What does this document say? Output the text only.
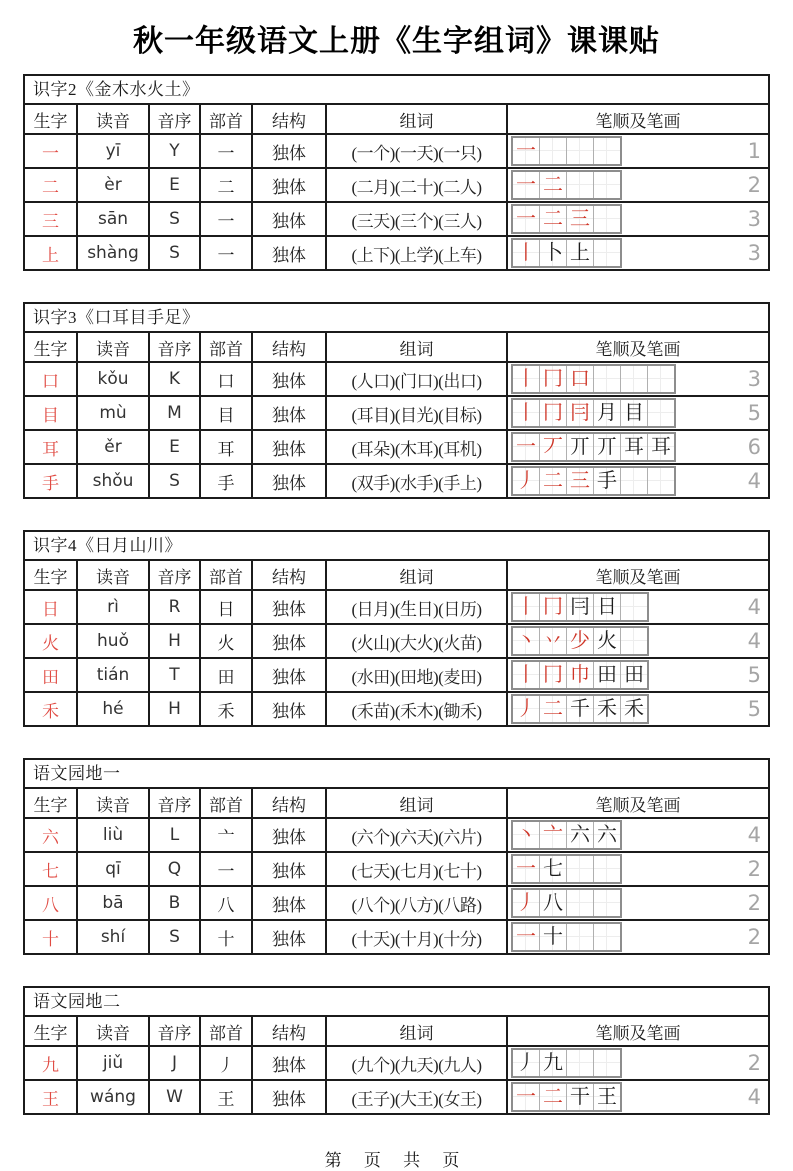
秋一年级语文上册《生字组词》课课贴
识字2《金木水火土》
生字	读音	音序	部首	结构	组词	笔顺及笔画
一	yī	Y	一	独体	(一个)(一天)(一只)	一	1
二	èr	E	二	独体	(二月)(二十)(二人)	一 二	2
三	sān	S	一	独体	(三天)(三个)(三人)	一 二 三	3
上	shàng	S	一	独体	(上下)(上学)(上车)	丨 卜 上	3
识字3《口耳目手足》
生字	读音	音序	部首	结构	组词	笔顺及笔画
口	kǒu	K	口	独体	(人口)(门口)(出口)	丨 冂 口	3
目	mù	M	目	独体	(耳目)(目光)(目标)	丨 冂 冃 月 目	5
耳	ěr	E	耳	独体	(耳朵)(木耳)(耳机)	一 丆 丌 丌 耳 耳	6
手	shǒu	S	手	独体	(双手)(水手)(手上)	丿 二 三 手	4
识字4《日月山川》
生字	读音	音序	部首	结构	组词	笔顺及笔画
日	rì	R	日	独体	(日月)(生日)(日历)	丨 冂 冃 日	4
火	huǒ	H	火	独体	(火山)(大火)(火苗)	丶 丷 少 火	4
田	tián	T	田	独体	(水田)(田地)(麦田)	丨 冂 巾 田 田	5
禾	hé	H	禾	独体	(禾苗)(禾木)(锄禾)	丿 二 千 禾 禾	5
语文园地一
生字	读音	音序	部首	结构	组词	笔顺及笔画
六	liù	L	亠	独体	(六个)(六天)(六片)	丶 亠 六 六	4
七	qī	Q	一	独体	(七天)(七月)(七十)	一 七	2
八	bā	B	八	独体	(八个)(八方)(八路)	丿 八	2
十	shí	S	十	独体	(十天)(十月)(十分)	一 十	2
语文园地二
生字	读音	音序	部首	结构	组词	笔顺及笔画
九	jiǔ	J	丿	独体	(九个)(九天)(九人)	丿 九	2
王	wáng	W	王	独体	(王子)(大王)(女王)	一 二 干 王	4
第 页 共 页
